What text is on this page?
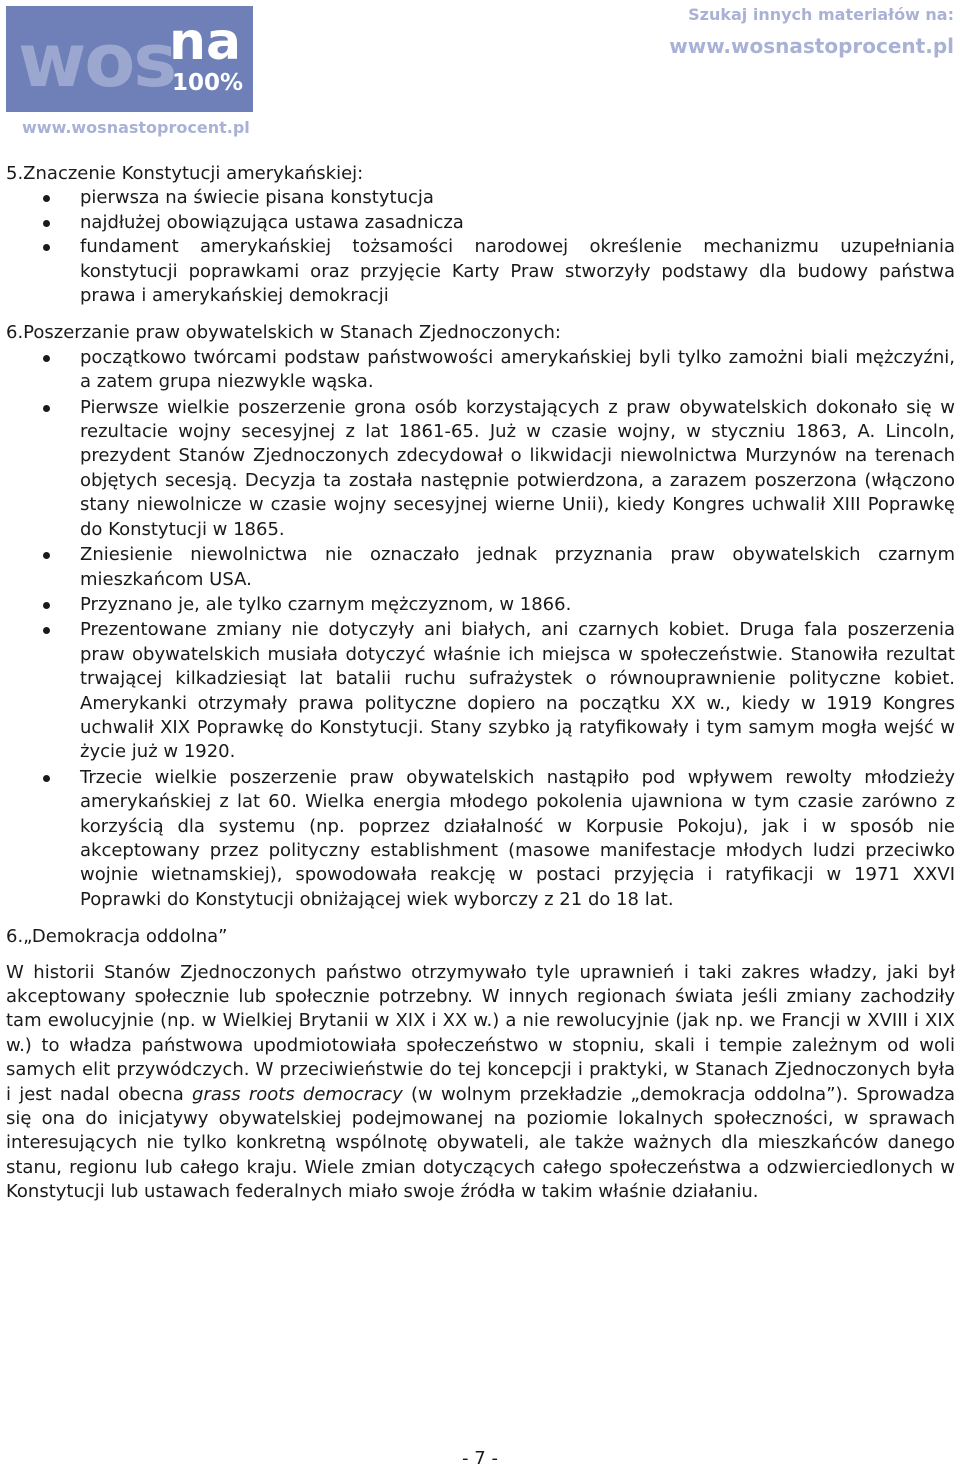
wos
na
100%
www.wosnastoprocent.pl
Szukaj innych materiałów na:
www.wosnastoprocent.pl
5.Znaczenie Konstytucji amerykańskiej:
pierwsza na świecie pisana konstytucja
najdłużej obowiązująca ustawa zasadnicza
fundament amerykańskiej tożsamości narodowej określenie mechanizmu uzupełniania konstytucji poprawkami oraz przyjęcie Karty Praw stworzyły podstawy dla budowy państwa prawa i amerykańskiej demokracji
6.Poszerzanie praw obywatelskich w Stanach Zjednoczonych:
początkowo twórcami podstaw państwowości amerykańskiej byli tylko zamożni biali mężczyźni, a zatem grupa niezwykle wąska.
Pierwsze wielkie poszerzenie grona osób korzystających z praw obywatelskich dokonało się w rezultacie wojny secesyjnej z lat 1861-65. Już w czasie wojny, w styczniu 1863, A. Lincoln, prezydent Stanów Zjednoczonych zdecydował o likwidacji niewolnictwa Murzynów na terenach objętych secesją. Decyzja ta została następnie potwierdzona, a zarazem poszerzona (włączono stany niewolnicze w czasie wojny secesyjnej wierne Unii), kiedy Kongres uchwalił XIII Poprawkę do Konstytucji w 1865.
Zniesienie niewolnictwa nie oznaczało jednak przyznania praw obywatelskich czarnym mieszkańcom USA.
Przyznano je, ale tylko czarnym mężczyznom, w 1866.
Prezentowane zmiany nie dotyczyły ani białych, ani czarnych kobiet. Druga fala poszerzenia praw obywatelskich musiała dotyczyć właśnie ich miejsca w społeczeństwie. Stanowiła rezultat trwającej kilkadziesiąt lat batalii ruchu sufrażystek o równouprawnienie polityczne kobiet. Amerykanki otrzymały prawa polityczne dopiero na początku XX w., kiedy w 1919 Kongres uchwalił XIX Poprawkę do Konstytucji. Stany szybko ją ratyfikowały i tym samym mogła wejść w życie już w 1920.
Trzecie wielkie poszerzenie praw obywatelskich nastąpiło pod wpływem rewolty młodzieży amerykańskiej z lat 60. Wielka energia młodego pokolenia ujawniona w tym czasie zarówno z korzyścią dla systemu (np. poprzez działalność w Korpusie Pokoju), jak i w sposób nie akceptowany przez polityczny establishment (masowe manifestacje młodych ludzi przeciwko wojnie wietnamskiej), spowodowała reakcję w postaci przyjęcia i ratyfikacji w 1971 XXVI Poprawki do Konstytucji obniżającej wiek wyborczy z 21 do 18 lat.
6.„Demokracja oddolna”

W historii Stanów Zjednoczonych państwo otrzymywało tyle uprawnień i taki zakres władzy, jaki był akceptowany społecznie lub społecznie potrzebny. W innych regionach świata jeśli zmiany zachodziły tam ewolucyjnie (np. w Wielkiej Brytanii w XIX i XX w.) a nie rewolucyjnie (jak np. we Francji w XVIII i XIX w.) to władza państwowa upodmiotowiała społeczeństwo w stopniu, skali i tempie zależnym od woli samych elit przywódczych. W przeciwieństwie do tej koncepcji i praktyki, w Stanach Zjednoczonych była i jest nadal obecna grass roots democracy (w wolnym przekładzie „demokracja oddolna”). Sprowadza się ona do inicjatywy obywatelskiej podejmowanej na poziomie lokalnych społeczności, w sprawach interesujących nie tylko konkretną wspólnotę obywateli, ale także ważnych dla mieszkańców danego stanu, regionu lub całego kraju. Wiele zmian dotyczących całego społeczeństwa a odzwierciedlonych w Konstytucji lub ustawach federalnych miało swoje źródła w takim właśnie działaniu.

- 7 -
